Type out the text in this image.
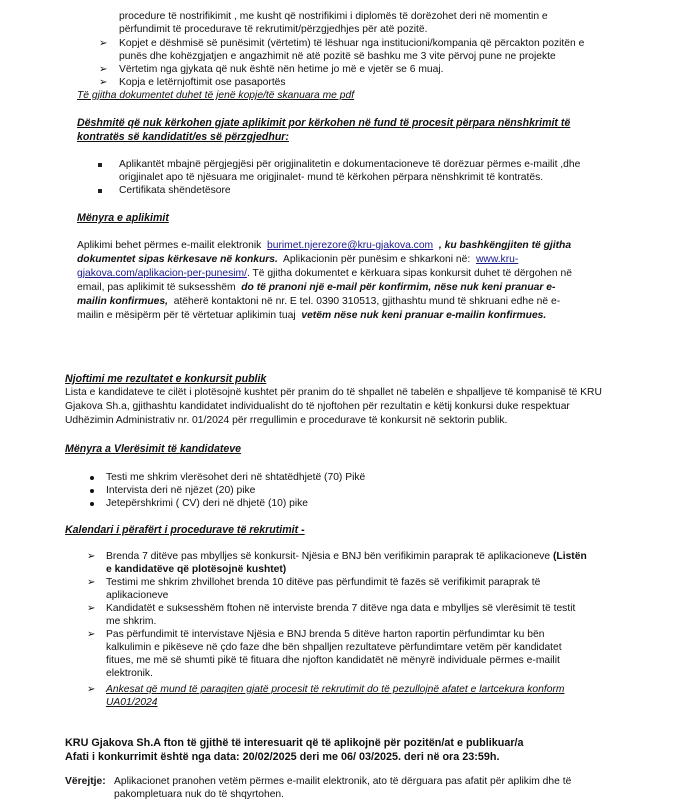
procedure të nostrifikimit , me kusht që nostrifikimi i diplomës të dorëzohet deri në momentin e
përfundimit të procedurave të rekrutimit/përzgjedhjes për atë pozitë.
➢ Kopjet e dëshmisë së punësimit (vërtetim) të lëshuar nga institucioni/kompania që përcakton pozitën e
punës dhe kohëzgjatjen e angazhimit në atë pozitë së bashku me 3 vite përvoj pune ne projekte
➢ Vërtetim nga gjykata që nuk është nën hetime jo më e vjetër se 6 muaj.
➢ Kopja e letërnjoftimit ose pasaportës
Të gjitha dokumentet duhet të jenë kopje/të skanuara me pdf
Dëshmitë që nuk kërkohen gjate aplikimit por kërkohen në fund të procesit përpara nënshkrimit të
kontratës së kandidatit/es së përzgjedhur:
Aplikantët mbajnë përgjegjësi për origjinalitetin e dokumentacioneve të dorëzuar përmes e-mailit ,dhe
origjinalet apo të njësuara me origjinalet- mund të kërkohen përpara nënshkrimit të kontratës.
Certifikata shëndetësore
Mënyra e aplikimit
Aplikimi behet përmes e-mailit elektronik burimet.njerezore@kru-gjakova.com , ku bashkëngjiten të gjitha
dokumentet sipas kërkesave në konkurs. Aplikacionin për punësim e shkarkoni në: www.kru-
gjakova.com/aplikacion-per-punesim/. Të gjitha dokumentet e kërkuara sipas konkursit duhet të dërgohen në
email, pas aplikimit të suksesshëm do të pranoni një e-mail për konfirmim, nëse nuk keni pranuar e-
mailin konfirmues, atëherë kontaktoni në nr. E tel. 0390 310513, gjithashtu mund të shkruani edhe në e-
mailin e mësipërm për të vërtetuar aplikimin tuaj vetëm nëse nuk keni pranuar e-mailin konfirmues.
Njoftimi me rezultatet e konkursit publik
Lista e kandidateve te cilët i plotësojnë kushtet për pranim do të shpallet në tabelën e shpalljeve të kompanisë të KRU
Gjakova Sh.a, gjithashtu kandidatet individualisht do të njoftohen për rezultatin e këtij konkursi duke respektuar
Udhëzimin Administrativ nr. 01/2024 për rregullimin e procedurave të konkursit në sektorin publik.
Mënyra a Vlerësimit të kandidateve
Testi me shkrim vlerësohet deri në shtatëdhjetë (70) Pikë
Intervista deri në njëzet (20) pike
Jetepërshkrimi ( CV) deri në dhjetë (10) pike
Kalendari i përafërt i procedurave të rekrutimit -
➢ Brenda 7 ditëve pas mbylljes së konkursit- Njësia e BNJ bën verifikimin paraprak të aplikacioneve (Listën
e kandidatëve që plotësojnë kushtet)
➢ Testimi me shkrim zhvillohet brenda 10 ditëve pas përfundimit të fazës së verifikimit paraprak të
aplikacioneve
➢ Kandidatët e suksesshëm ftohen në interviste brenda 7 ditëve nga data e mbylljes së vlerësimit të testit
me shkrim.
➢ Pas përfundimit të intervistave Njësia e BNJ brenda 5 ditëve harton raportin përfundimtar ku bën
kalkulimin e pikëseve në çdo faze dhe bën shpalljen rezultateve përfundimtare vetëm për kandidatet
fitues, me më së shumti pikë të fituara dhe njofton kandidatët në mënyrë individuale përmes e-mailit
elektronik.
➢ Ankesat që mund të paraqiten gjatë procesit të rekrutimit do të pezullojnë afatet e lartcekura konform
UA01/2024
KRU Gjakova Sh.A fton të gjithë të interesuarit që të aplikojnë për pozitën/at e publikuar/a
Afati i konkurrimit është nga data: 20/02/2025 deri me 06/ 03/2025. deri në ora 23:59h.
Vërejtje: Aplikacionet pranohen vetëm përmes e-mailit elektronik, ato të dërguara pas afatit për aplikim dhe të
pakompletuara nuk do të shqyrtohen.
